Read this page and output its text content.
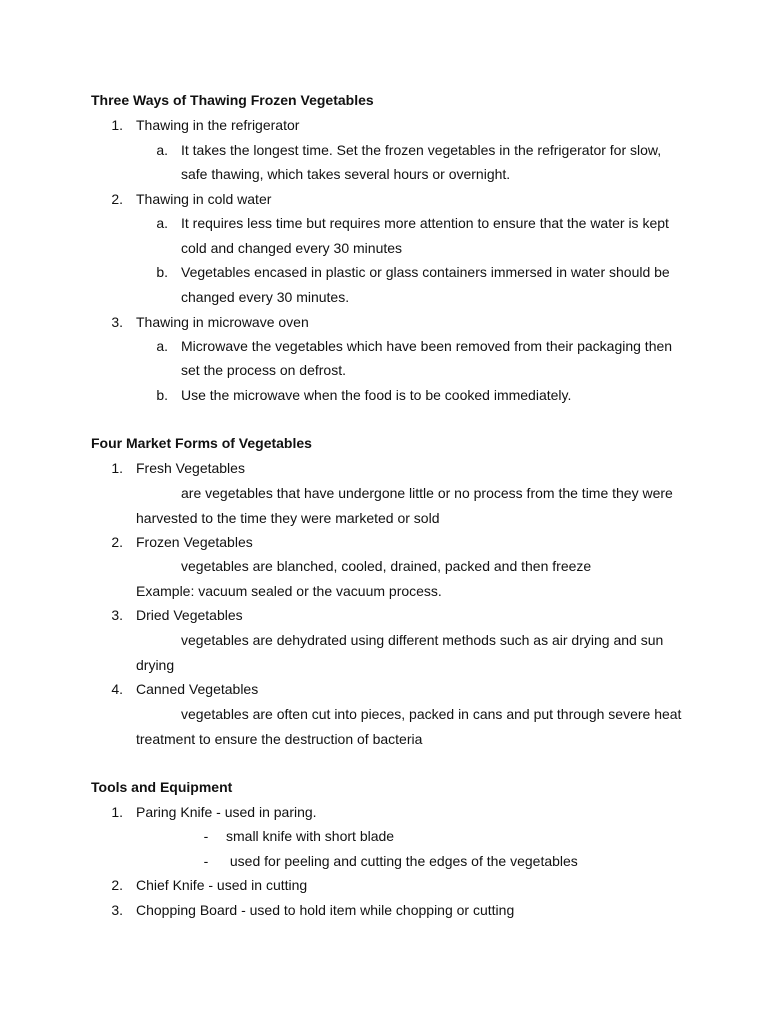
Three Ways of Thawing Frozen Vegetables
1. Thawing in the refrigerator
a. It takes the longest time. Set the frozen vegetables in the refrigerator for slow,
safe thawing, which takes several hours or overnight.
2. Thawing in cold water
a. It requires less time but requires more attention to ensure that the water is kept
cold and changed every 30 minutes
b. Vegetables encased in plastic or glass containers immersed in water should be
changed every 30 minutes.
3. Thawing in microwave oven
a. Microwave the vegetables which have been removed from their packaging then
set the process on defrost.
b. Use the microwave when the food is to be cooked immediately.
Four Market Forms of Vegetables
1. Fresh Vegetables
are vegetables that have undergone little or no process from the time they were
harvested to the time they were marketed or sold
2. Frozen Vegetables
vegetables are blanched, cooled, drained, packed and then freeze
Example: vacuum sealed or the vacuum process.
3. Dried Vegetables
vegetables are dehydrated using different methods such as air drying and sun
drying
4. Canned Vegetables
vegetables are often cut into pieces, packed in cans and put through severe heat
treatment to ensure the destruction of bacteria
Tools and Equipment
1. Paring Knife - used in paring.
- small knife with short blade
- used for peeling and cutting the edges of the vegetables
2. Chief Knife - used in cutting
3. Chopping Board - used to hold item while chopping or cutting
